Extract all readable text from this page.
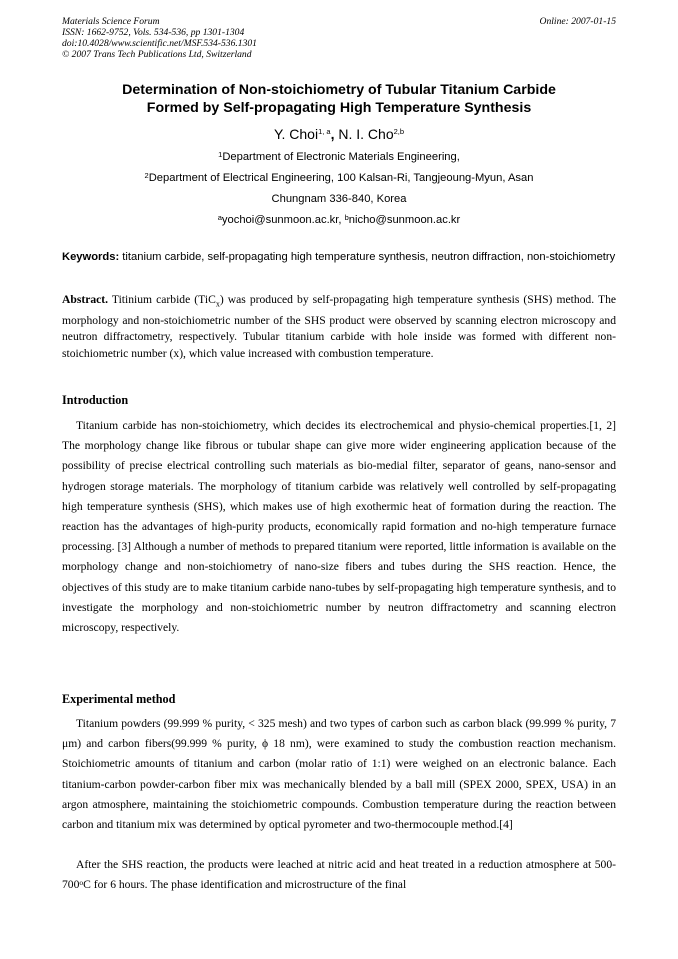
Materials Science Forum
ISSN: 1662-9752, Vols. 534-536, pp 1301-1304
doi:10.4028/www.scientific.net/MSF.534-536.1301
© 2007 Trans Tech Publications Ltd, Switzerland
Online: 2007-01-15
Determination of Non-stoichiometry of Tubular Titanium Carbide
Formed by Self-propagating High Temperature Synthesis
Y. Choi$^{1, a}$, N. I. Cho$^{2,b}$
$^1$Department of Electronic Materials Engineering,
$^2$Department of Electrical Engineering, 100 Kalsan-Ri, Tangjeoung-Myun, Asan
Chungnam 336-840, Korea
$^a$yochoi@sunmoon.ac.kr, $^b$nicho@sunmoon.ac.kr
Keywords: titanium carbide, self-propagating high temperature synthesis, neutron diffraction, non-stoichiometry
Abstract. Titinium carbide (TiC$_x$) was produced by self-propagating high temperature synthesis (SHS) method. The morphology and non-stoichiometric number of the SHS product were observed by scanning electron microscopy and neutron diffractometry, respectively. Tubular titanium carbide with hole inside was formed with different non-stoichiometric number (x), which value increased with combustion temperature.
Introduction
Titanium carbide has non-stoichiometry, which decides its electrochemical and physio-chemical properties.[1, 2] The morphology change like fibrous or tubular shape can give more wider engineering application because of the possibility of precise electrical controlling such materials as bio-medial filter, separator of geans, nano-sensor and hydrogen storage materials. The morphology of titanium carbide was relatively well controlled by self-propagating high temperature synthesis (SHS), which makes use of high exothermic heat of formation during the reaction. The reaction has the advantages of high-purity products, economically rapid formation and no-high temperature furnace processing. [3] Although a number of methods to prepared titanium were reported, little information is available on the morphology change and non-stoichiometry of nano-size fibers and tubes during the SHS reaction. Hence, the objectives of this study are to make titanium carbide nano-tubes by self-propagating high temperature synthesis, and to investigate the morphology and non-stoichiometric number by neutron diffractometry and scanning electron microscopy, respectively.
Experimental method
Titanium powders (99.999 % purity, < 325 mesh) and two types of carbon such as carbon black (99.999 % purity, 7 μm) and carbon fibers(99.999 % purity, ϕ 18 nm), were examined to study the combustion reaction mechanism. Stoichiometric amounts of titanium and carbon (molar ratio of 1:1) were weighed on an electronic balance. Each titanium-carbon powder-carbon fiber mix was mechanically blended by a ball mill (SPEX 2000, SPEX, USA) in an argon atmosphere, maintaining the stoichiometric compounds. Combustion temperature during the reaction between carbon and titanium mix was determined by optical pyrometer and two-thermocouple method.[4]
After the SHS reaction, the products were leached at nitric acid and heat treated in a reduction atmosphere at 500-700$^o$C for 6 hours. The phase identification and microstructure of the final
